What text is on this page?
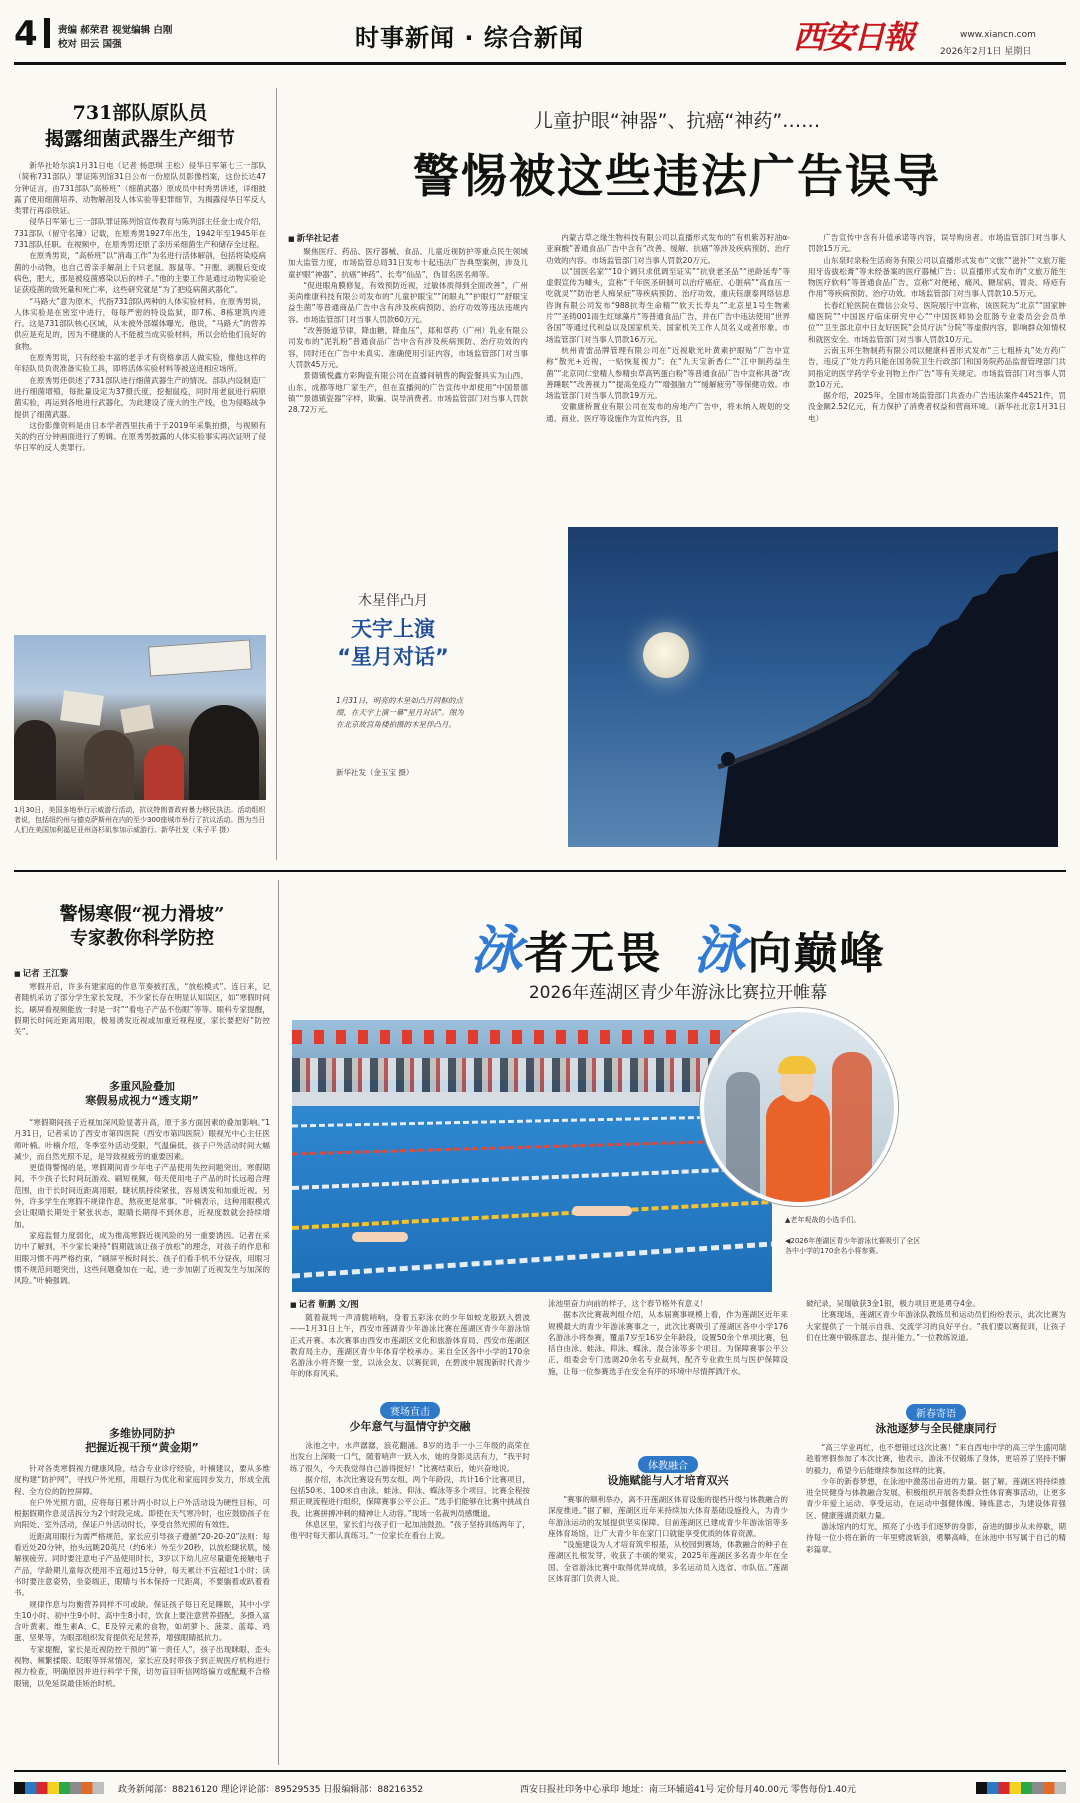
4 责编 郝荣君 视觉编辑 白刚
校对 田云 国强	时事新闻 · 综合新闻	西安日報	www.xiancn.com
2026年2月1日 星期日
731部队原队员
揭露细菌武器生产细节

新华社哈尔滨1月31日电（记者 杨思琪 王松）侵华日军第七三一部队（简称731部队）罪证陈列馆31日公布一份原队员影像档案，这份长达47分钟证言，由731部队“高桥班”（细菌武器）原成员中村秀男讲述，详细披露了使用细菌培养、动物解剖及人体实验等犯罪细节，为揭露侵华日军反人类罪行再添铁证。

侵华日军第七三一部队罪证陈列馆宣传教育与陈列部主任金士成介绍，731部队（留守名簿）记载，在原秀男1927年出生，1942年至1945年在731部队任职。在视频中，在原秀男还原了亲历采细菌生产和储存全过程。

在原秀男说，“高桥班”以“消毒工作”为名进行活体解剖，包括将染疫病菌的小动物，也自己曾亲手解剖上千只老鼠、豚鼠等。“开膛、剥腹后变成病色，肥大，那是被疫菌感染以后的样子。”他的主要工作是通过动物实验论证获疫菌的致死量和死亡率，这些研究就是“为了把疫病菌武器化”。

“马路大”意为原木，代指731部队两种的人体实验材料。在原秀男说，人体实验是在密室中进行，每每严密的特设监狱，即7栋、8栋建筑内进行。这是731部队核心区域，从未被外部媒体曝光。他说，“马路大”的营养供应是充足的，因为不健康的人不能被当成实验材料，所以会给他们良好的食物。

在原秀男说，只有经验丰富的老手才有资格拿活人做实验，像他这样的年轻队员负责准备实验工具，即将活体实验材料等被送进相应场所。

在原秀男还供述了731部队进行细菌武器生产的情况。部队内设制造厂进行细菌增殖，每批量设定为37摄氏度，挖掘鼠疫，同时用老鼠进行病原菌实验，再运到各地进行武器化，为此建设了庞大的生产线，也为侵略战争提供了细菌武器。

这份影像资料是由日本学者西里扶甬于于2019年采集拍摄，与视频有关的约百分钟画面进行了剪辑。在原秀男披露的人体实验事实再次证明了侵华日军的反人类罪行。

1月30日，美国多地举行示威游行活动，抗议特朗普政府暴力移民执法。活动组织者说，包括纽约州与德克萨斯州在内的至少300座城市举行了抗议活动。图为当日人们在美国加利福尼亚州洛杉矶参加示威游行。新华社发（朱子平 摄）
儿童护眼“神器”、抗癌“神药”……
警惕被这些违法广告误导
■ 新华社记者

聚焦医疗、药品、医疗器械、食品、儿童近视防护等重点民生领域加大监管力度，市场监管总局31日发布十起违法广告典型案例，涉及儿童护眼“神器”、抗癌“神药”、长寿“仙品”，伪冒名医名师等。

“促进眼角膜修复，有效预防近视，过敏体质得到全面改善”，广州美尚维康科技有限公司发布的“儿童护眼宝”“闭眼丸”“护眼灯”“舒眼宝益生菌”等普通商品广告中含有涉及疾病预防、治疗功效等违法违规内容。市场监管部门对当事人罚款60万元。

“改善肠道节律，降血糖，降血压”，郑和草药（广州）乳业有限公司发布的“泥乳粉”普通食品广告中含有涉及疾病预防、治疗功效的内容，同时还在广告中未真实、准确使用引证内容，市场监管部门对当事人罚款45万元。

景德镇悦鑫方彩陶瓷有限公司在直播间销售的陶瓷餐具实为山西、山东、成都等地厂家生产，但在直播间的广告宣传中却使用“中国景德镇”“景德镇瓷器”字样，欺骗、误导消费者。市场监管部门对当事人罚款28.72万元。

内蒙古草之缘生物科技有限公司以直播形式发布的“有机紫苏籽油α-亚麻酸”普通食品广告中含有“改善、缓解、抗癌”等涉及疾病预防、治疗功效的内容。市场监管部门对当事人罚款20万元。

以“国医名家”“10个调只求低调至证实”“抗衰老圣品”“逆龄延寿”等虚假宣传为噱头，宣称“千年医圣研制可以治疗癌症、心脏病”“高血压一吃就灵”“防治老人痴呆症”等疾病预防、治疗功效，重庆钰康泰网络信息咨询有限公司发布“988抗寿生命精”“软天长寿丸”“北京星1号生物素片”“圣铸001雨生红球藻片”等普通食品广告，并在广告中违法使用“世界各国”等通过代利益以及国家机关、国家机关工作人员名义或者形象。市场监管部门对当事人罚款16万元。

杭州青雷品牌管理有限公司在“近视歇光叶黄素护眼贴”广告中宣称“散光+近视，一贴恢复视力”；在“九天宝新香仁”“江中制药益生菌”“北京同仁堂精人参精虫草高钙蛋白粉”等普通食品广告中宣称具备“改善睡眠”“改善视力”“提高免疫力”“增强脑力”“缓解疲劳”等保健功效。市场监管部门对当事人罚款19万元。

安徽康桥置业有限公司在发布的房地产广告中，将未纳入规划的交通、商业、医疗等设施作为宣传内容，且

广告宣传中含有升值承诺等内容，误导购房者。市场监管部门对当事人罚款15万元。

山东泉时泉粉生活商务有限公司以直播形式发布“文旅”“滋补”“文旅万能用牙齿拔松膏”等未经备案的医疗器械广告；以直播形式发布的“文旅万能生物医疗软料”等普通食品广告，宣称“对便秘、痛风、糖尿病、胃炎、痔疮有作用”等疾病预防、治疗功效。市场监管部门对当事人罚款10.5万元。

长春红轮医院在微信公众号、医院展厅中宣称，该医院为“北京”“国家肿瘤医院”“中国医疗临床研究中心”“中国医师协会肛肠专业委员会会员单位”“卫生部北京中日友好医院”会员疗法“分院”等虚假内容，影响群众知情权和就医安全。市场监管部门对当事人罚款10万元。

云南玉环生物制药有限公司以健康科普形式发布“三七粗桥丸”处方药广告，违反了“处方药只能在国务院卫生行政部门和国务院药品监督管理部门共同指定的医学药学专业刊物上作广告”等有关规定。市场监管部门对当事人罚款10万元。

据介绍，2025年，全国市场监管部门共查办广告违法案件44521件，罚没金额2.52亿元，有力保护了消费者权益和营商环境。（新华社北京1月31日电）

木星伴凸月
天宇上演
“星月对话”
1月31日，明亮的木星如凸月同框的点缀，在天宇上演一幕“星月对话”。图为在北京故宫角楼拍摄的木星伴凸月。
新华社发（金玉宝 摄）
警惕寒假“视力滑坡”
专家教你科学防控
■ 记者 王江黎

寒假开启，许多有建家庭的作息节奏被打乱，“放松模式”。连日来，记者随机采访了部分学生家长发现，不少家长存在明显认知误区，如“寒假时间长，刷屏看视频能放一时是一时”“看电子产品不伤眼”等等。眼科专家提醒，假期长时间近距离用眼，极易诱发近视或加重近视程度，家长要把好“防控关”。

多重风险叠加
寒假易成视力“透支期”

“寒假期间孩子近视加深风险显著升高，原于多方面因素的叠加影响。”1月31日，记者采访了西安市第四医院（西安市第四医院）眼视光中心主任医师叶楠。叶楠介绍，冬季室外活动受限，气温偏低，孩子户外活动时间大幅减少，而自然光照不足，是导致视疲劳的重要因素。

更值得警惕的是，寒假期间青少年电子产品使用失控问题突出。寒假期间，不少孩子长时间玩游戏、刷短视频，每天使用电子产品的时长远超合理范围，由于长时间近距离用眼，睫状肌持续紧张，容易诱发和加重近视。另外，许多学生在寒假不规律作息，熬夜更是常事。“叶楠表示，这种用眼模式会让眼睛长期处于紧张状态，眼睛长期得不到休息，近视度数就会持续增加。

家庭监督力度弱化，成为推高寒假近视风险的另一重要诱因。记者在采访中了解到，不少家长秉持“假期就该让孩子放松”的理念，对孩子的作息和用眼习惯不再严格约束，“刷屏平板时间长、孩子们看手机不分昼夜，用眼习惯不规范问题突出，这些问题叠加在一起，进一步加剧了近视发生与加深的风险。”叶楠强调。

多维协同防护
把握近视干预“黄金期”

针对各类寒假视力健康风险，结合专业诊疗经验，叶楠建议，要从多维度构建“防护网”，寻找户外光照，用眼行为优化和家庭同步发力，形成全流程、全方位的防控屏障。

在户外光照方面，应将每日累计两小时以上户外活动设为硬性目标，可根据假期作息灵活拆分为2个时段完成。即使在天气寒冷时，也应鼓励孩子在向阳处、室外活动，保证户外活动时长，享受自然光照的有效性。

近距离用眼行为需严格规范，家长应引导孩子遵循“20-20-20”法则：每看近处20分钟，抬头远眺20英尺（约6米）外至少20秒，以放松睫状肌，缓解视疲劳。同时要注意电子产品使用时长，3岁以下幼儿应尽量避免接触电子产品，学龄期儿童每次使用不宜超过15分钟，每天累计不宜超过1小时；读书时要注意姿势，坐姿端正，眼睛与书本保持一尺距离，不要躺着或趴着看书。

规律作息与均衡营养同样不可或缺。保证孩子每日充足睡眠，其中小学生10小时、初中生9小时、高中生8小时，饮食上要注意营养搭配，多摄入富含叶黄素、维生素A、C、E及锌元素的食物，如胡萝卜、菠菜、蓝莓、鸡蛋、坚果等，为眼部组织发育提供充足营养，增强眼睛抵抗力。

专家提醒，家长是近视防控干预的“第一责任人”，孩子出现眯眼、歪头视物、频繁揉眼、眨眼等异常情况，家长应及时带孩子到正规医疗机构进行视力检查，明确原因并进行科学干预，切勿盲目听信网络偏方或配戴不合格眼镜，以免延误最佳矫治时机。

泳者无畏 泳向巅峰
2026年莲湖区青少年游泳比赛拉开帷幕
▲老年观战的小选手们。
◀2026年莲湖区青少年游泳比赛吸引了全区各中小学的170余名小将参赛。
■ 记者 靳鹏 文/图

随着裁判一声清脆哨响，身着五彩泳衣的少年如蛟龙般跃入碧波——1月31日上午，西安市莲湖青少年游泳比赛在莲湖区青少年游泳馆正式开赛。本次赛事由西安市莲湖区文化和旅游体育局、西安市莲湖区教育局主办，莲湖区青少年体育学校承办。来自全区各中小学的170余名游泳小将齐聚一堂，以泳会友、以赛促训，在碧波中展现新时代青少年的体育风采。

赛场直击
少年意气与温情守护交融

泳池之中，水声潺潺，浪花翻涌。8岁的选手一小三年级的高荣在出发台上深吸一口气，随着哨声一跃入水，她的身影灵活有力，“我平时练了很久，今天我觉得自己游得挺好！”比赛结束后，她兴奋地说。

据介绍，本次比赛设有男女组、两个年龄段，共计16个比赛项目，包括50米、100米自由泳、蛙泳、仰泳、蝶泳等多个项目，比赛全程按照正规流程进行组织，保障赛事公平公正。“选手们能够在比赛中挑战自我，比赛拼搏冲刺的精神让人动容。”现场一名裁判员感慨道。

休息区里，家长们与孩子们一起加油鼓劲。“孩子坚持训练两年了，他平时每天都认真练习。”一位家长在看台上说。

泳池里奋力向前的样子，这个春节格外有意义！

据本次比赛裁判组介绍，从本届赛事规模上看，作为莲湖区近年来规模最大的青少年游泳赛事之一，此次比赛吸引了莲湖区各中小学176名游泳小将参赛，覆盖7岁至16岁全年龄段，设置50余个单项比赛，包括自由泳、蛙泳、仰泳、蝶泳、混合泳等多个项目。为保障赛事公平公正，组委会专门选调20余名专业裁判，配齐专业救生员与医护保障设施，让每一位参赛选手在安全有序的环境中尽情挥洒汗水。

体教融合
设施赋能与人才培育双兴

“赛事的顺利举办，离不开莲湖区体育设施的提档升级与体教融合的深度推进。”据了解，莲湖区近年来持续加大体育基础设施投入，为青少年游泳运动的发展提供坚实保障。目前莲湖区已建成青少年游泳馆等多座体育场馆，让广大青少年在家门口就能享受优质的体育资源。

“设施建设为人才培育筑牢根基，从校园到赛场，体教融合的种子在莲湖区扎根发芽，收获了丰硕的果实，2025年莲湖区多名青少年在全国、全省游泳比赛中取得优异成绩，多名运动员入选省、市队伍。”莲湖区体育部门负责人说。

破纪录，吴瑞敏获3金1银，极力项目更是勇夺4金。

比赛现场，莲湖区青少年游泳队教练员和运动员们纷纷表示，此次比赛为大家提供了一个展示自我、交流学习的良好平台。“我们要以赛促训，让孩子们在比赛中锻炼意志、提升能力。”一位教练说道。

新春寄语
泳池逐梦与全民健康同行

“高三学业再忙，也不想错过这次比赛！”来自西电中学的高三学生盛同瑞趁着寒假参加了本次比赛，他表示，游泳不仅锻炼了身体，更培养了坚持不懈的毅力，希望今后能继续参加这样的比赛。

少年的新春梦想，在泳池中激荡出奋进的力量。据了解，莲湖区将持续推进全民健身与体教融合发展，积极组织开展各类群众性体育赛事活动，让更多青少年爱上运动、享受运动，在运动中强健体魄、锤炼意志，为建设体育强区、健康莲湖贡献力量。

游泳馆内的灯光，照亮了小选手们逐梦的身影，奋进的脚步从未停歇，期待每一位小将在新的一年里劈波斩浪，勇攀高峰，在泳池中书写属于自己的精彩篇章。

政务新闻部：88216120 理论评论部：89529535 日报编辑部：88216352	西安日报社印务中心承印 地址：南三环辅道41号 定价每月40.00元 零售每份1.40元
